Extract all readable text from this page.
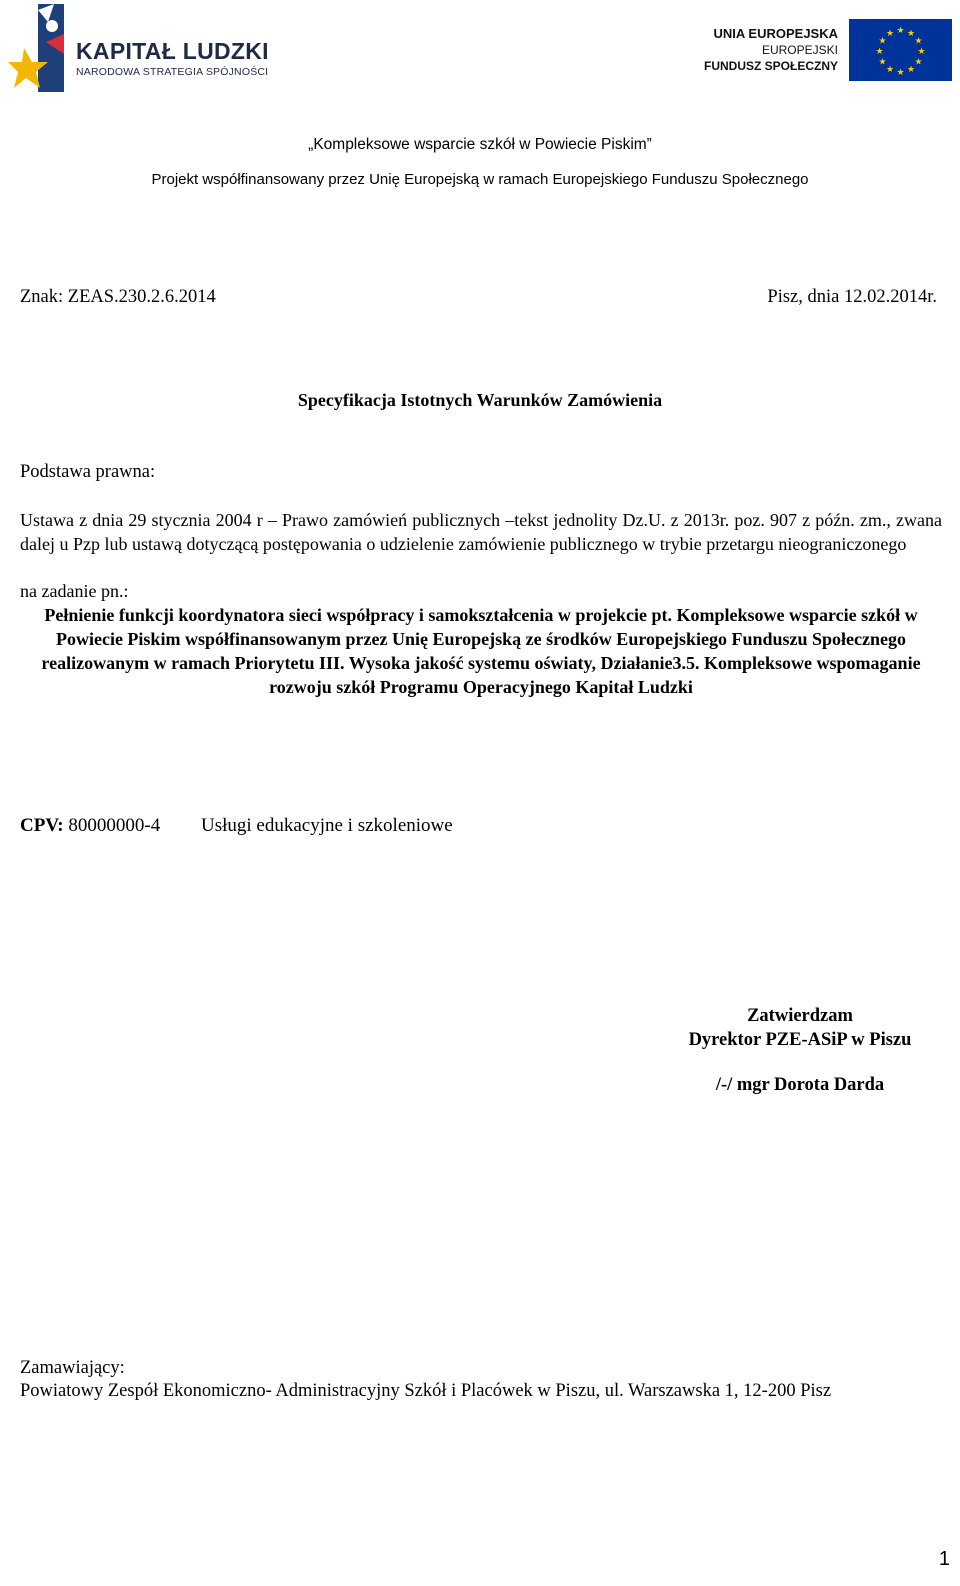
KAPITAŁ LUDZKI
NARODOWA STRATEGIA SPÓJNOŚCI
UNIA EUROPEJSKA
EUROPEJSKI
FUNDUSZ SPOŁECZNY
★ ★
★
★
★
★
★
★
★
★
★
★
„Kompleksowe wsparcie szkół w Powiecie Piskim”
Projekt współfinansowany przez Unię Europejską w ramach Europejskiego Funduszu Społecznego
Znak: ZEAS.230.2.6.2014	Pisz, dnia 12.02.2014r.
Specyfikacja Istotnych Warunków Zamówienia
Podstawa prawna:
Ustawa z dnia 29 stycznia 2004 r – Prawo zamówień publicznych –tekst jednolity Dz.U. z 2013r. poz. 907 z późn. zm., zwana dalej u Pzp lub ustawą dotyczącą postępowania o udzielenie zamówienie publicznego w trybie przetargu nieograniczonego
na zadanie pn.:
Pełnienie funkcji koordynatora sieci współpracy i samokształcenia w projekcie pt. Kompleksowe wsparcie szkół w Powiecie Piskim współfinansowanym przez Unię Europejską ze środków Europejskiego Funduszu Społecznego realizowanym w ramach Priorytetu III. Wysoka jakość systemu oświaty, Działanie3.5. Kompleksowe wspomaganie rozwoju szkół Programu Operacyjnego Kapitał Ludzki
CPV: 80000000-4 Usługi edukacyjne i szkoleniowe
Zatwierdzam
Dyrektor PZE-ASiP w Piszu
/-/ mgr Dorota Darda
Zamawiający:
Powiatowy Zespół Ekonomiczno- Administracyjny Szkół i Placówek w Piszu, ul. Warszawska 1, 12-200 Pisz
1
